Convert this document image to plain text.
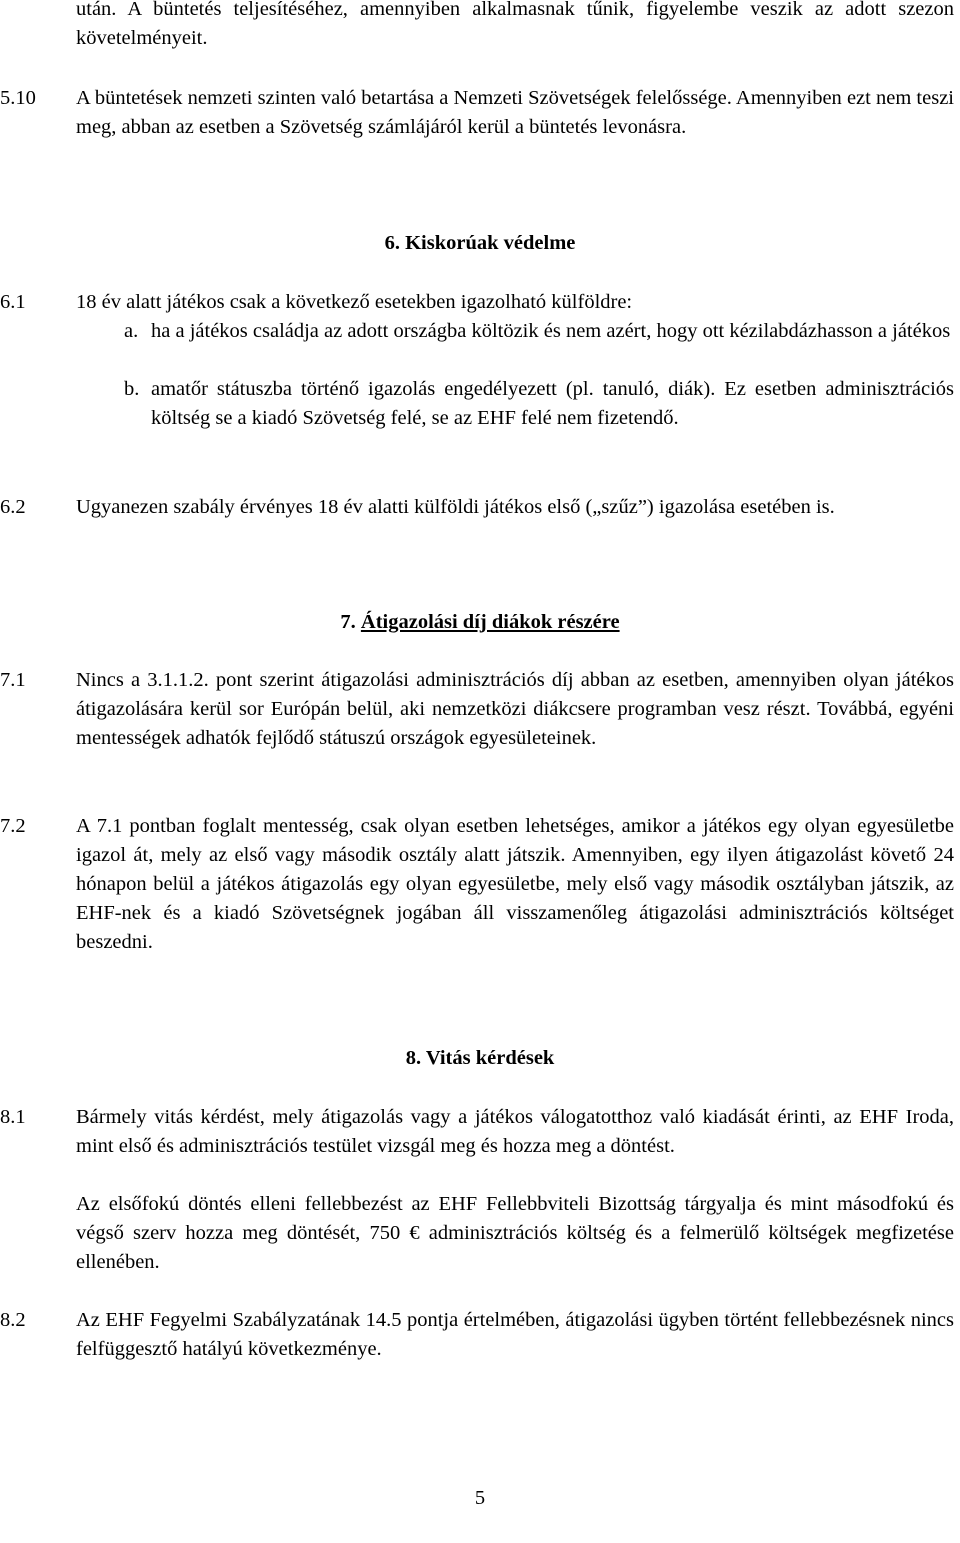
után. A büntetés teljesítéséhez, amennyiben alkalmasnak tűnik, figyelembe veszik az adott szezon követelményeit.

5.10 A büntetések nemzeti szinten való betartása a Nemzeti Szövetségek felelőssége. Amennyiben ezt nem teszi meg, abban az esetben a Szövetség számlájáról kerül a büntetés levonásra.

6. Kiskorúak védelme
6.1 18 év alatt játékos csak a következő esetekben igazolható külföldre:

a. ha a játékos családja az adott országba költözik és nem azért, hogy ott kézilabdázhasson a játékos

b. amatőr státuszba történő igazolás engedélyezett (pl. tanuló, diák). Ez esetben adminisztrációs költség se a kiadó Szövetség felé, se az EHF felé nem fizetendő.

6.2 Ugyanezen szabály érvényes 18 év alatti külföldi játékos első („szűz”) igazolása esetében is.

7. Átigazolási díj diákok részére
7.1 Nincs a 3.1.1.2. pont szerint átigazolási adminisztrációs díj abban az esetben, amennyiben olyan játékos átigazolására kerül sor Európán belül, aki nemzetközi diákcsere programban vesz részt. Továbbá, egyéni mentességek adhatók fejlődő státuszú országok egyesületeinek.

7.2 A 7.1 pontban foglalt mentesség, csak olyan esetben lehetséges, amikor a játékos egy olyan egyesületbe igazol át, mely az első vagy második osztály alatt játszik. Amennyiben, egy ilyen átigazolást követő 24 hónapon belül a játékos átigazolás egy olyan egyesületbe, mely első vagy második osztályban játszik, az EHF-nek és a kiadó Szövetségnek jogában áll visszamenőleg átigazolási adminisztrációs költséget beszedni.

8. Vitás kérdések
8.1 Bármely vitás kérdést, mely átigazolás vagy a játékos válogatotthoz való kiadását érinti, az EHF Iroda, mint első és adminisztrációs testület vizsgál meg és hozza meg a döntést.

Az elsőfokú döntés elleni fellebbezést az EHF Fellebbviteli Bizottság tárgyalja és mint másodfokú és végső szerv hozza meg döntését, 750 € adminisztrációs költség és a felmerülő költségek megfizetése ellenében.

8.2 Az EHF Fegyelmi Szabályzatának 14.5 pontja értelmében, átigazolási ügyben történt fellebbezésnek nincs felfüggesztő hatályú következménye.

5
